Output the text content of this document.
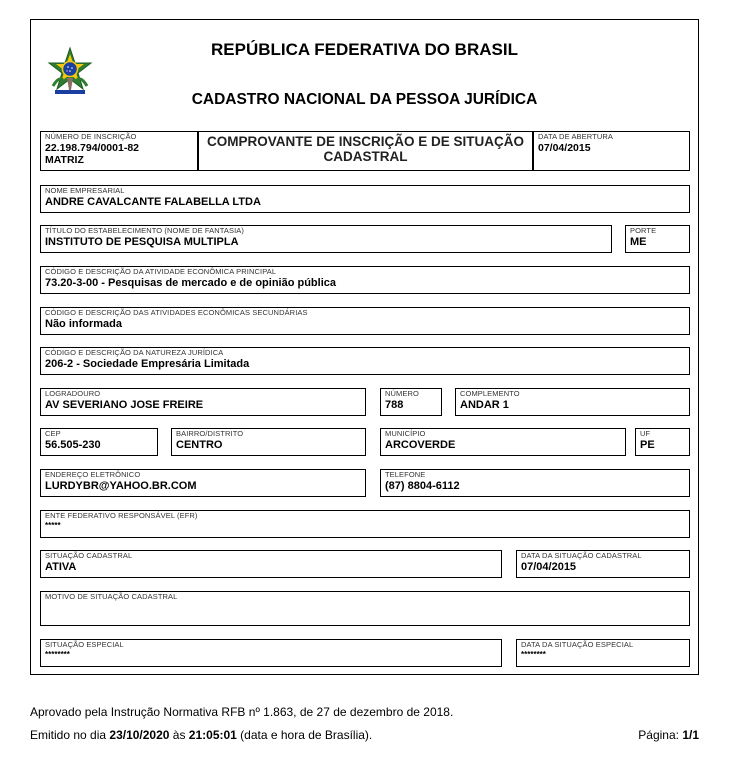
REPÚBLICA FEDERATIVA DO BRASIL
CADASTRO NACIONAL DA PESSOA JURÍDICA
NÚMERO DE INSCRIÇÃO
22.198.794/0001-82
MATRIZ
COMPROVANTE DE INSCRIÇÃO E DE SITUAÇÃO
CADASTRAL
DATA DE ABERTURA
07/04/2015
NOME EMPRESARIAL
ANDRE CAVALCANTE FALABELLA LTDA
TÍTULO DO ESTABELECIMENTO (NOME DE FANTASIA)
INSTITUTO DE PESQUISA MULTIPLA
PORTE
ME
CÓDIGO E DESCRIÇÃO DA ATIVIDADE ECONÔMICA PRINCIPAL
73.20-3-00 - Pesquisas de mercado e de opinião pública
CÓDIGO E DESCRIÇÃO DAS ATIVIDADES ECONÔMICAS SECUNDÁRIAS
Não informada
CÓDIGO E DESCRIÇÃO DA NATUREZA JURÍDICA
206-2 - Sociedade Empresária Limitada
LOGRADOURO
AV SEVERIANO JOSE FREIRE
NÚMERO
788
COMPLEMENTO
ANDAR 1
CEP
56.505-230
BAIRRO/DISTRITO
CENTRO
MUNICÍPIO
ARCOVERDE
UF
PE
ENDEREÇO ELETRÔNICO
LURDYBR@YAHOO.BR.COM
TELEFONE
(87) 8804-6112
ENTE FEDERATIVO RESPONSÁVEL (EFR)
*****
SITUAÇÃO CADASTRAL
ATIVA
DATA DA SITUAÇÃO CADASTRAL
07/04/2015
MOTIVO DE SITUAÇÃO CADASTRAL
SITUAÇÃO ESPECIAL
********
DATA DA SITUAÇÃO ESPECIAL
********
Aprovado pela Instrução Normativa RFB nº 1.863, de 27 de dezembro de 2018.
Emitido no dia 23/10/2020 às 21:05:01 (data e hora de Brasília).	Página: 1/1
